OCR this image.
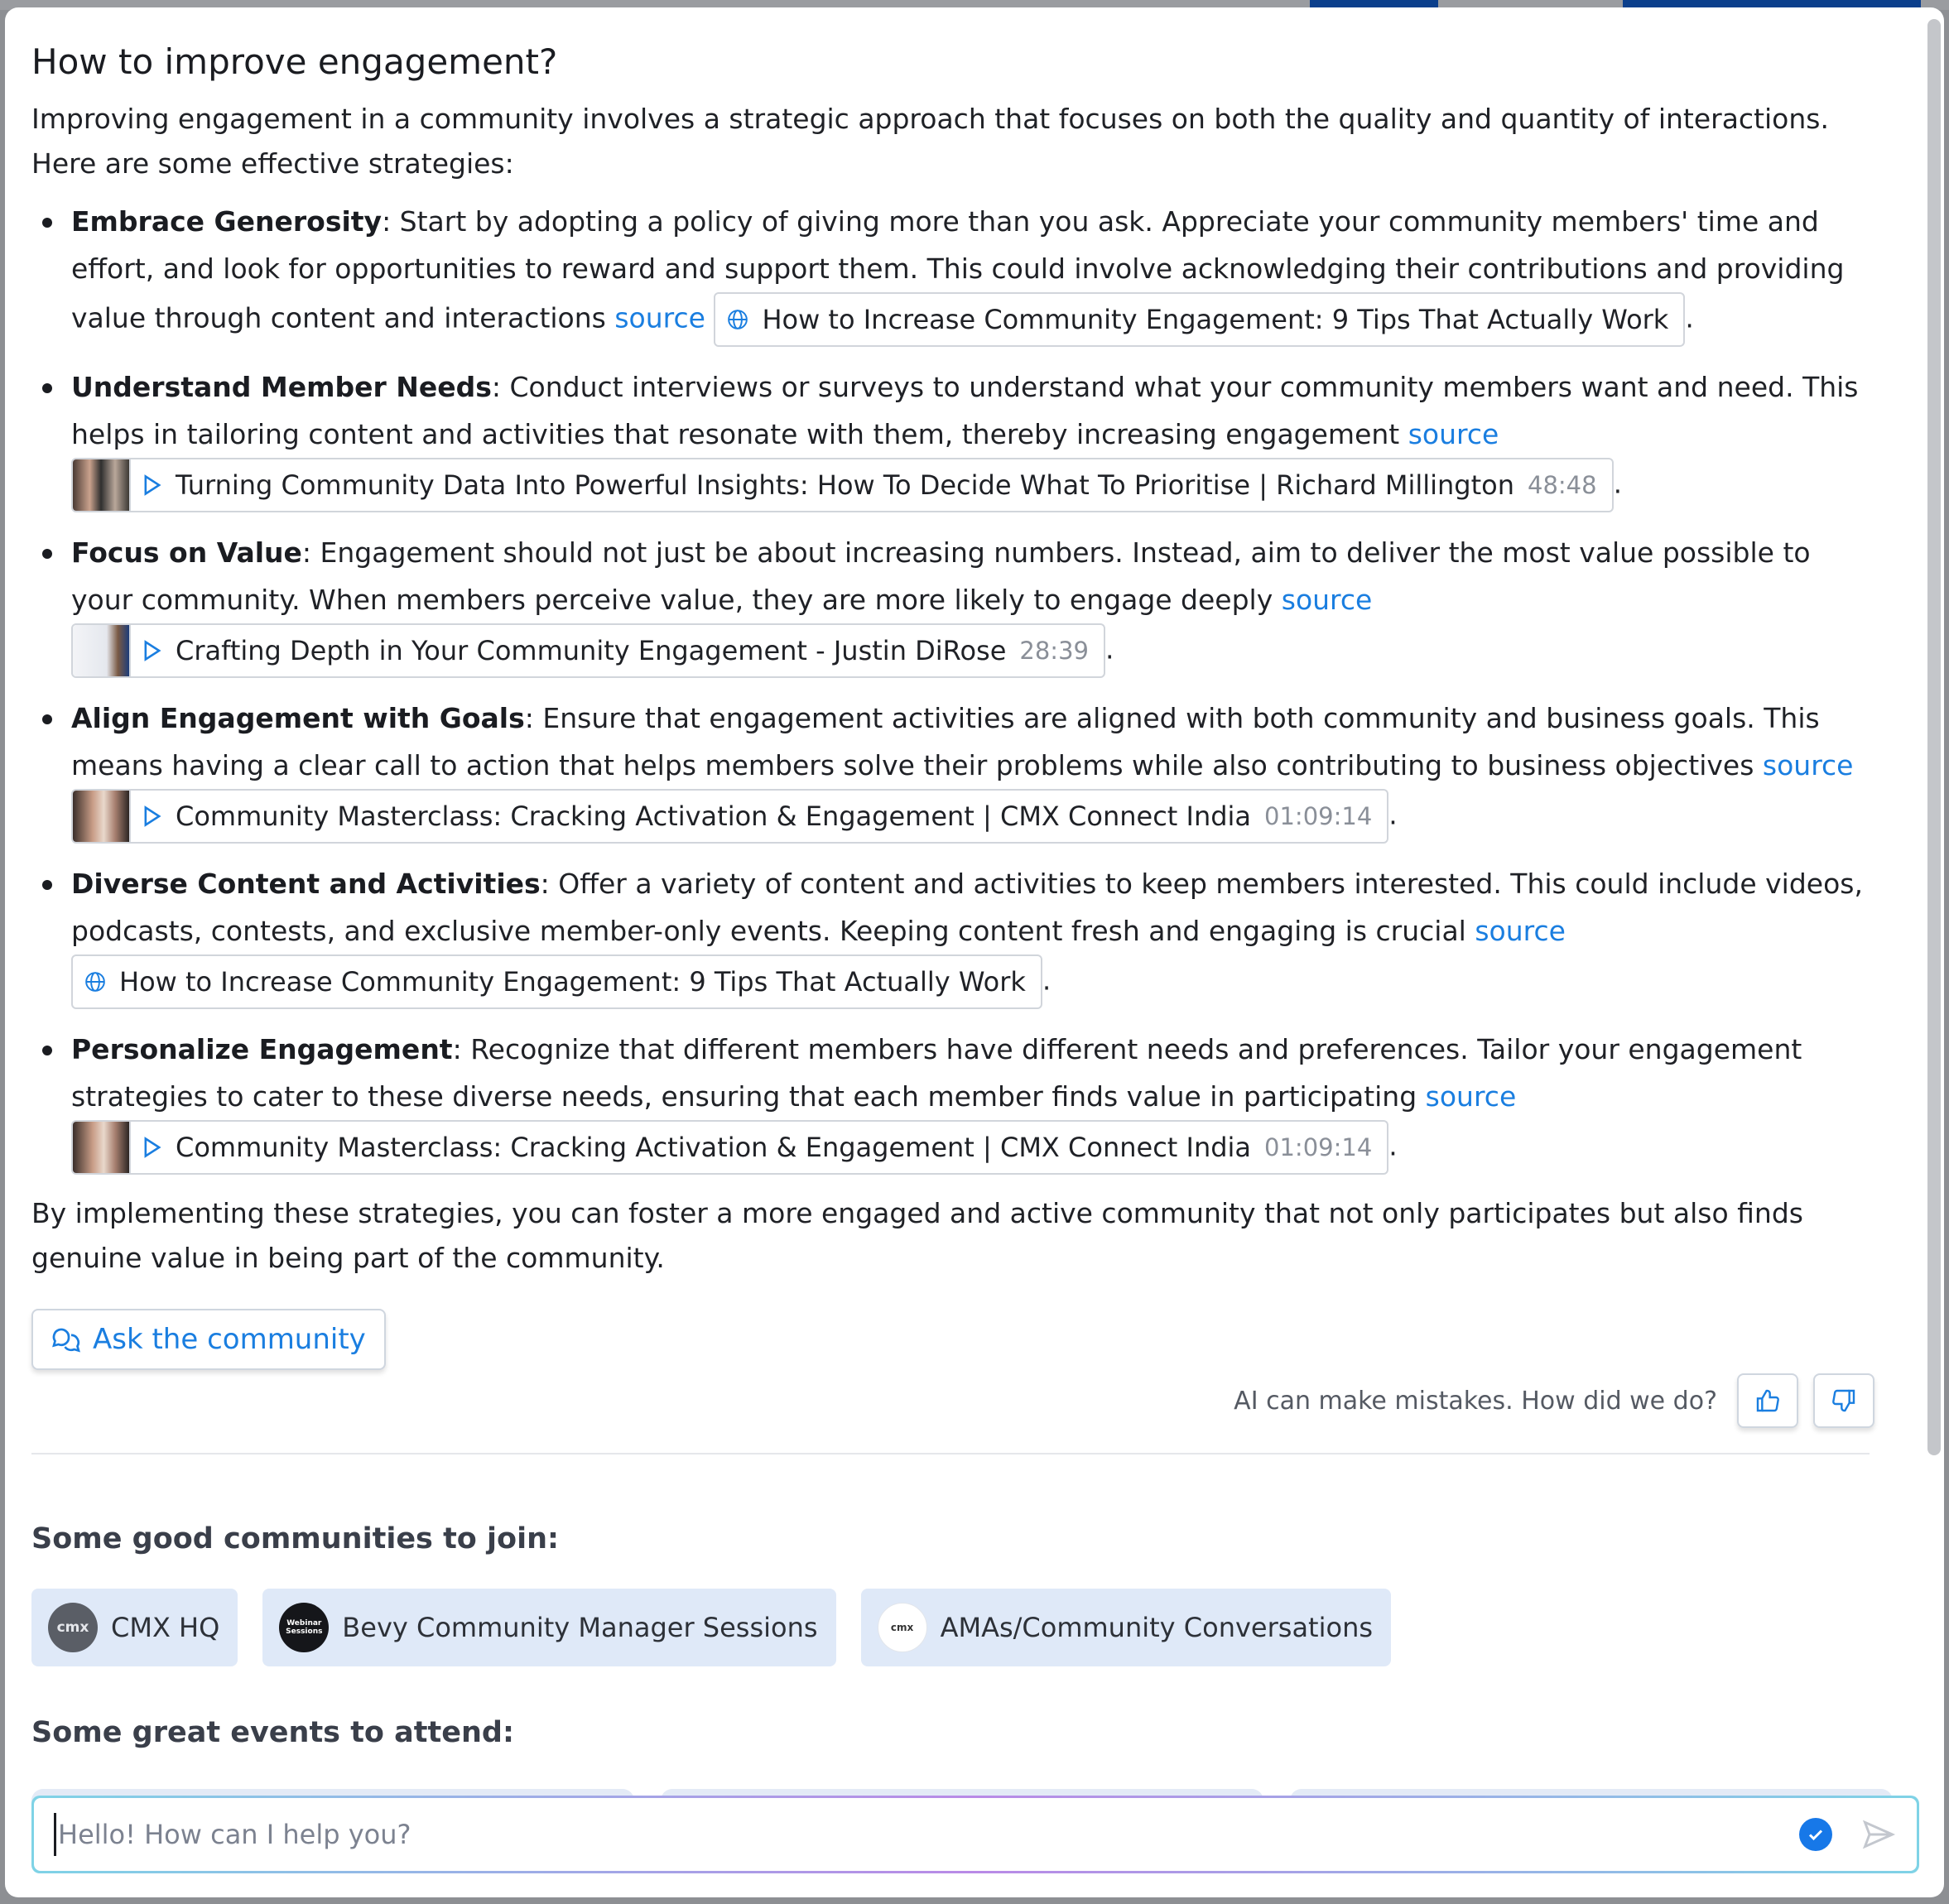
How to improve engagement?

Improving engagement in a community involves a strategic approach that focuses on both the quality and quantity of interactions. Here are some effective strategies:

Embrace Generosity: Start by adopting a policy of giving more than you ask. Appreciate your community members' time and effort, and look for opportunities to reward and support them. This could involve acknowledging their contributions and providing value through content and interactions source How to Increase Community Engagement: 9 Tips That Actually Work .
Understand Member Needs: Conduct interviews or surveys to understand what your community members want and need. This helps in tailoring content and activities that resonate with them, thereby increasing engagement source

Turning Community Data Into Powerful Insights: How To Decide What To Prioritise | Richard Millington 48:48 .
Focus on Value: Engagement should not just be about increasing numbers. Instead, aim to deliver the most value possible to your community. When members perceive value, they are more likely to engage deeply source

Crafting Depth in Your Community Engagement - Justin DiRose 28:39 .
Align Engagement with Goals: Ensure that engagement activities are aligned with both community and business goals. This means having a clear call to action that helps members solve their problems while also contributing to business objectives source

Community Masterclass: Cracking Activation & Engagement | CMX Connect India 01:09:14 .
Diverse Content and Activities: Offer a variety of content and activities to keep members interested. This could include videos, podcasts, contests, and exclusive member-only events. Keeping content fresh and engaging is crucial source
How to Increase Community Engagement: 9 Tips That Actually Work .
Personalize Engagement: Recognize that different members have different needs and preferences. Tailor your engagement strategies to cater to these diverse needs, ensuring that each member finds value in participating source

Community Masterclass: Cracking Activation & Engagement | CMX Connect India 01:09:14 .

By implementing these strategies, you can foster a more engaged and active community that not only participates but also finds genuine value in being part of the community.

Ask the community
AI can make mistakes. How did we do?
Some good communities to join:
cmx CMX HQ	Webinar Sessions Bevy Community Manager Sessions	cmx	AMAs/Community Conversations
Some great events to attend:
Hello! How can I help you?
